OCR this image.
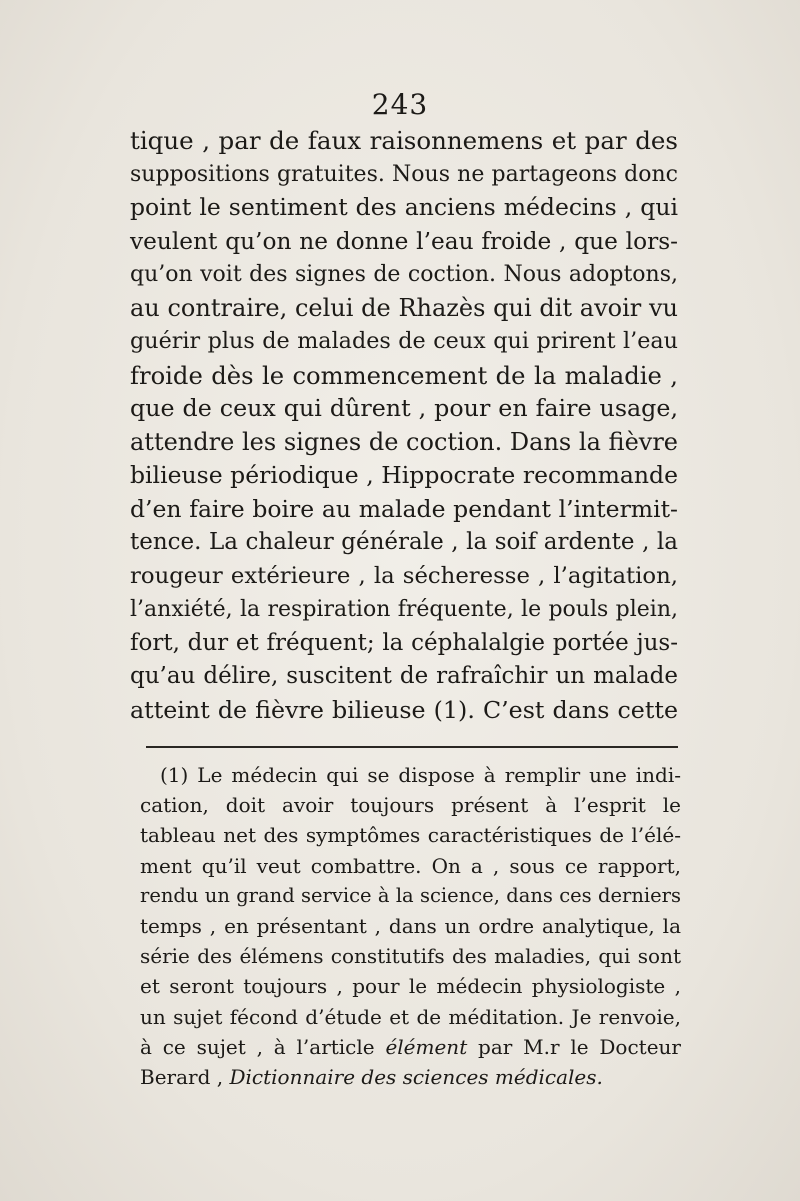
243
tique , par de faux raisonnemens et par des
suppositions gratuites. Nous ne partageons donc
point le sentiment des anciens médecins , qui
veulent qu’on ne donne l’eau froide , que lors-
qu’on voit des signes de coction. Nous adoptons,
au contraire, celui de Rhazès qui dit avoir vu
guérir plus de malades de ceux qui prirent l’eau
froide dès le commencement de la maladie ,
que de ceux qui dûrent , pour en faire usage,
attendre les signes de coction. Dans la fièvre
bilieuse périodique , Hippocrate recommande
d’en faire boire au malade pendant l’intermit-
tence. La chaleur générale , la soif ardente , la
rougeur extérieure , la sécheresse , l’agitation,
l’anxiété, la respiration fréquente, le pouls plein,
fort, dur et fréquent; la céphalalgie portée jus-
qu’au délire, suscitent de rafraîchir un malade
atteint de fièvre bilieuse (1). C’est dans cette
(1) Le médecin qui se dispose à remplir une indi-
cation, doit avoir toujours présent à l’esprit le
tableau net des symptômes caractéristiques de l’élé-
ment qu’il veut combattre. On a , sous ce rapport,
rendu un grand service à la science, dans ces derniers
temps , en présentant , dans un ordre analytique, la
série des élémens constitutifs des maladies, qui sont
et seront toujours , pour le médecin physiologiste ,
un sujet fécond d’étude et de méditation. Je renvoie,
à ce sujet , à l’article élément par M.r le Docteur
Berard , Dictionnaire des sciences médicales.
